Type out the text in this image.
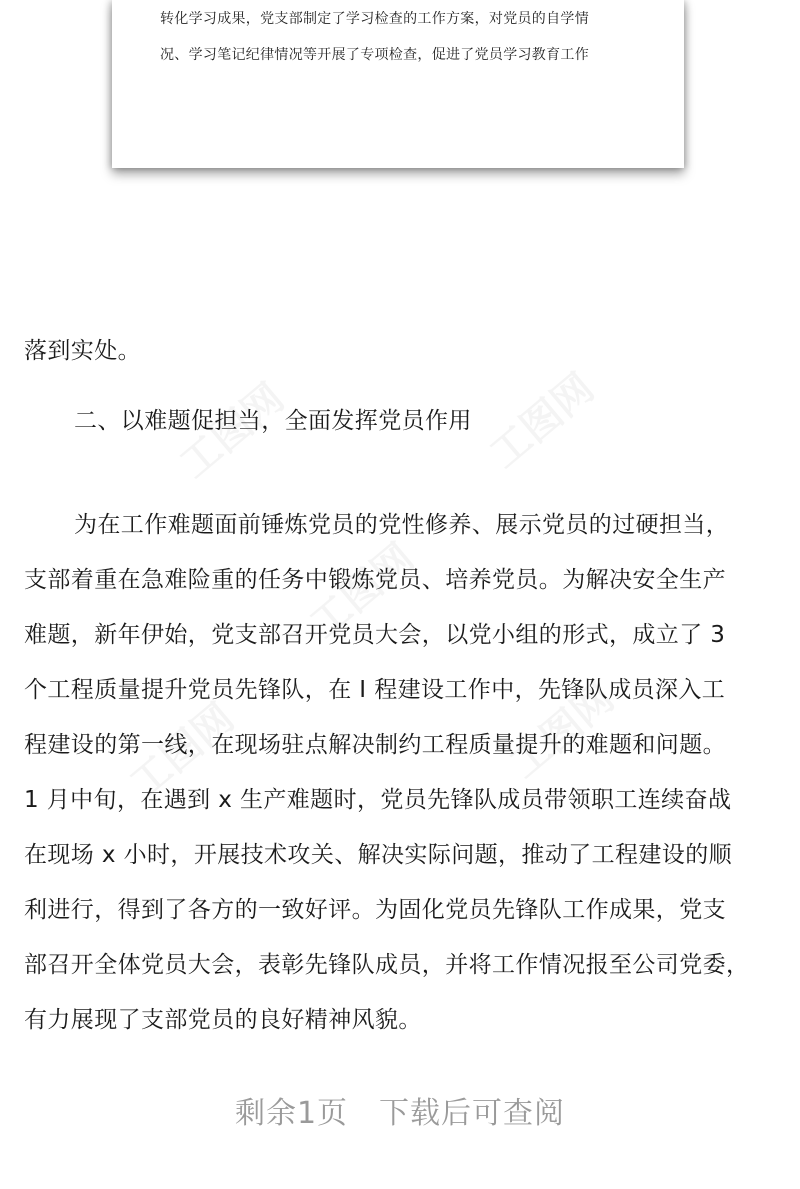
转化学习成果，党支部制定了学习检查的工作方案，对党员的自学情
况、学习笔记纪律情况等开展了专项检查，促进了党员学习教育工作
落到实处。
二、以难题促担当，全面发挥党员作用
为在工作难题面前锤炼党员的党性修养、展示党员的过硬担当，
支部着重在急难险重的任务中锻炼党员、培养党员。为解决安全生产
难题，新年伊始，党支部召开党员大会，以党小组的形式，成立了 3
个工程质量提升党员先锋队，在 I 程建设工作中，先锋队成员深入工
程建设的第一线，在现场驻点解决制约工程质量提升的难题和问题。
1 月中旬，在遇到 x 生产难题时，党员先锋队成员带领职工连续奋战
在现场 x 小时，开展技术攻关、解决实际问题，推动了工程建设的顺
利进行，得到了各方的一致好评。为固化党员先锋队工作成果，党支
部召开全体党员大会，表彰先锋队成员，并将工作情况报至公司党委，
有力展现了支部党员的良好精神风貌。
剩余1页　下载后可查阅
